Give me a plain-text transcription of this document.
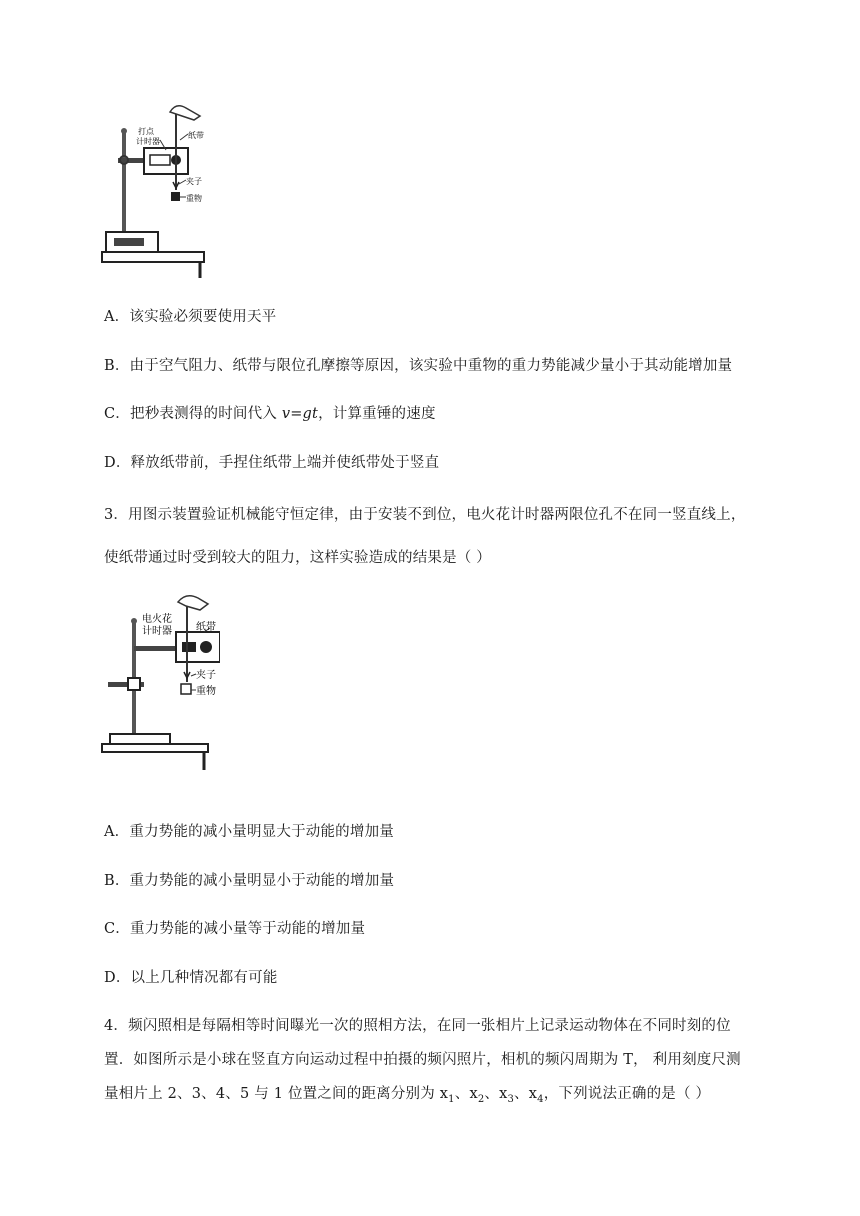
打点
计时器
纸带
夹子
重物
A．该实验必须要使用天平
B．由于空气阻力、纸带与限位孔摩擦等原因，该实验中重物的重力势能减少量小于其动能增加量
C．把秒表测得的时间代入 v=gt，计算重锤的速度
D．释放纸带前，手捏住纸带上端并使纸带处于竖直
3．用图示装置验证机械能守恒定律，由于安装不到位，电火花计时器两限位孔不在同一竖直线上，
使纸带通过时受到较大的阻力，这样实验造成的结果是（ ）
电火花
计时器 纸带
夹子
重物
A．重力势能的减小量明显大于动能的增加量
B．重力势能的减小量明显小于动能的增加量
C．重力势能的减小量等于动能的增加量
D．以上几种情况都有可能
4．频闪照相是每隔相等时间曝光一次的照相方法，在同一张相片上记录运动物体在不同时刻的位
置．如图所示是小球在竖直方向运动过程中拍摄的频闪照片，相机的频闪周期为 T， 利用刻度尺测
量相片上 2、3、4、5 与 1 位置之间的距离分别为 $x_1$、$x_2$、$x_3$、$x_4$，下列说法正确的是（ ）
